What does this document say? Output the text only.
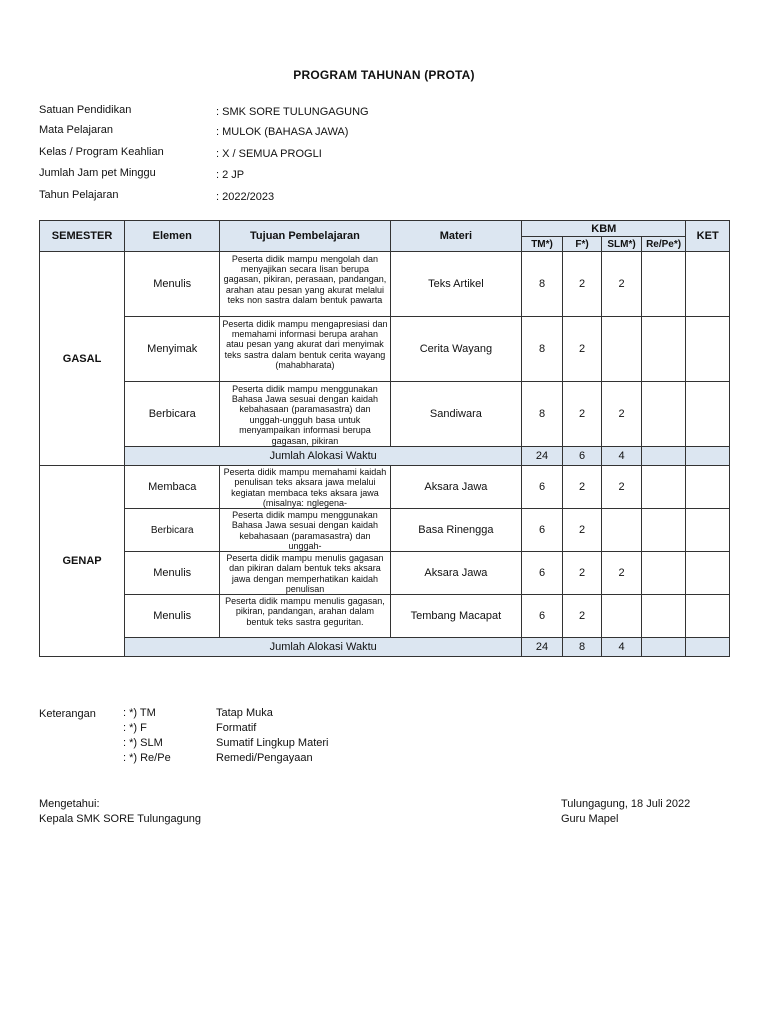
PROGRAM TAHUNAN (PROTA)
Satuan Pendidikan	: SMK SORE TULUNGAGUNG
Mata Pelajaran	: MULOK (BAHASA JAWA)
Kelas / Program Keahlian	: X / SEMUA PROGLI
Jumlah Jam pet Minggu	: 2 JP
Tahun Pelajaran	: 2022/2023
SEMESTER	Elemen	Tujuan Pembelajaran	Materi	KBM				KET
				TM*)	F*)	SLM*)	Re/Pe*)	
GASAL	Menulis	Peserta didik mampu mengolah dan menyajikan secara lisan berupa gagasan, pikiran, perasaan, pandangan, arahan atau pesan yang akurat melalui teks non sastra dalam bentuk pawarta	Teks Artikel	8	2	2		
	Menyimak	Peserta didik mampu mengapresiasi dan memahami informasi berupa arahan atau pesan yang akurat dari menyimak teks sastra dalam bentuk cerita wayang (mahabharata)	Cerita Wayang	8	2			
	Berbicara	Peserta didik mampu menggunakan Bahasa Jawa sesuai dengan kaidah kebahasaan (paramasastra) dan unggah-ungguh basa untuk menyampaikan informasi berupa gagasan, pikiran	Sandiwara	8	2	2		
	Jumlah Alokasi Waktu			24	6	4		
GENAP	Membaca	Peserta didik mampu memahami kaidah penulisan teks aksara jawa melalui kegiatan membaca teks aksara jawa (misalnya: nglegena-	Aksara Jawa	6	2	2		
	Berbicara	Peserta didik mampu menggunakan Bahasa Jawa sesuai dengan kaidah kebahasaan (paramasastra) dan unggah-	Basa Rinengga	6	2			
	Menulis	Peserta didik mampu menulis gagasan dan pikiran dalam bentuk teks aksara jawa dengan memperhatikan kaidah penulisan	Aksara Jawa	6	2	2		
	Menulis	Peserta didik mampu menulis gagasan, pikiran, pandangan, arahan dalam bentuk teks sastra geguritan.	Tembang Macapat	6	2			
	Jumlah Alokasi Waktu			24	8	4		
Keterangan : *) TM	Tatap Muka
: *) F	Formatif
: *) SLM	Sumatif Lingkup Materi
: *) Re/Pe	Remedi/Pengayaan
Mengetahui:
Kepala SMK SORE Tulungagung
Tulungagung, 18 Juli 2022
Guru Mapel
